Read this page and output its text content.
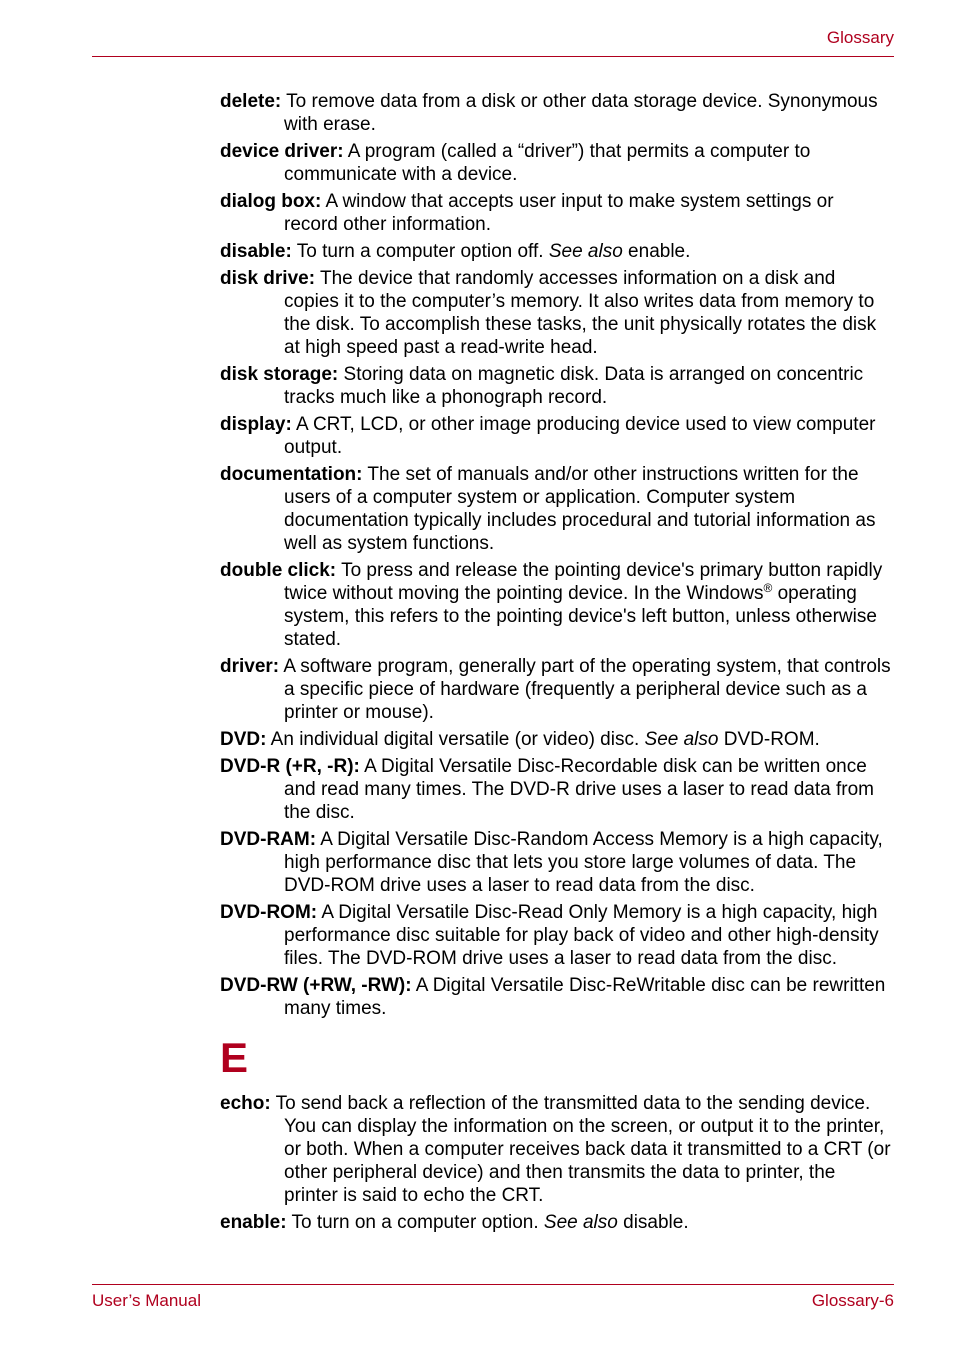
Glossary

delete: To remove data from a disk or other data storage device. Synonymous with erase.

device driver: A program (called a “driver”) that permits a computer to communicate with a device.

dialog box: A window that accepts user input to make system settings or record other information.

disable: To turn a computer option off. See also enable.

disk drive: The device that randomly accesses information on a disk and copies it to the computer’s memory. It also writes data from memory to the disk. To accomplish these tasks, the unit physically rotates the disk at high speed past a read-write head.

disk storage: Storing data on magnetic disk. Data is arranged on concentric tracks much like a phonograph record.

display: A CRT, LCD, or other image producing device used to view computer output.

documentation: The set of manuals and/or other instructions written for the users of a computer system or application. Computer system documentation typically includes procedural and tutorial information as well as system functions.

double click: To press and release the pointing device's primary button rapidly twice without moving the pointing device. In the Windows® operating system, this refers to the pointing device's left button, unless otherwise stated.

driver: A software program, generally part of the operating system, that controls a specific piece of hardware (frequently a peripheral device such as a printer or mouse).

DVD: An individual digital versatile (or video) disc. See also DVD-ROM.

DVD-R (+R, -R): A Digital Versatile Disc-Recordable disk can be written once and read many times. The DVD-R drive uses a laser to read data from the disc.

DVD-RAM: A Digital Versatile Disc-Random Access Memory is a high capacity, high performance disc that lets you store large volumes of data. The DVD-ROM drive uses a laser to read data from the disc.

DVD-ROM: A Digital Versatile Disc-Read Only Memory is a high capacity, high performance disc suitable for play back of video and other high-density files. The DVD-ROM drive uses a laser to read data from the disc.

DVD-RW (+RW, -RW): A Digital Versatile Disc-ReWritable disc can be rewritten many times.

E

echo: To send back a reflection of the transmitted data to the sending device. You can display the information on the screen, or output it to the printer, or both. When a computer receives back data it transmitted to a CRT (or other peripheral device) and then transmits the data to printer, the printer is said to echo the CRT.

enable: To turn on a computer option. See also disable.

User’s Manual	Glossary-6
